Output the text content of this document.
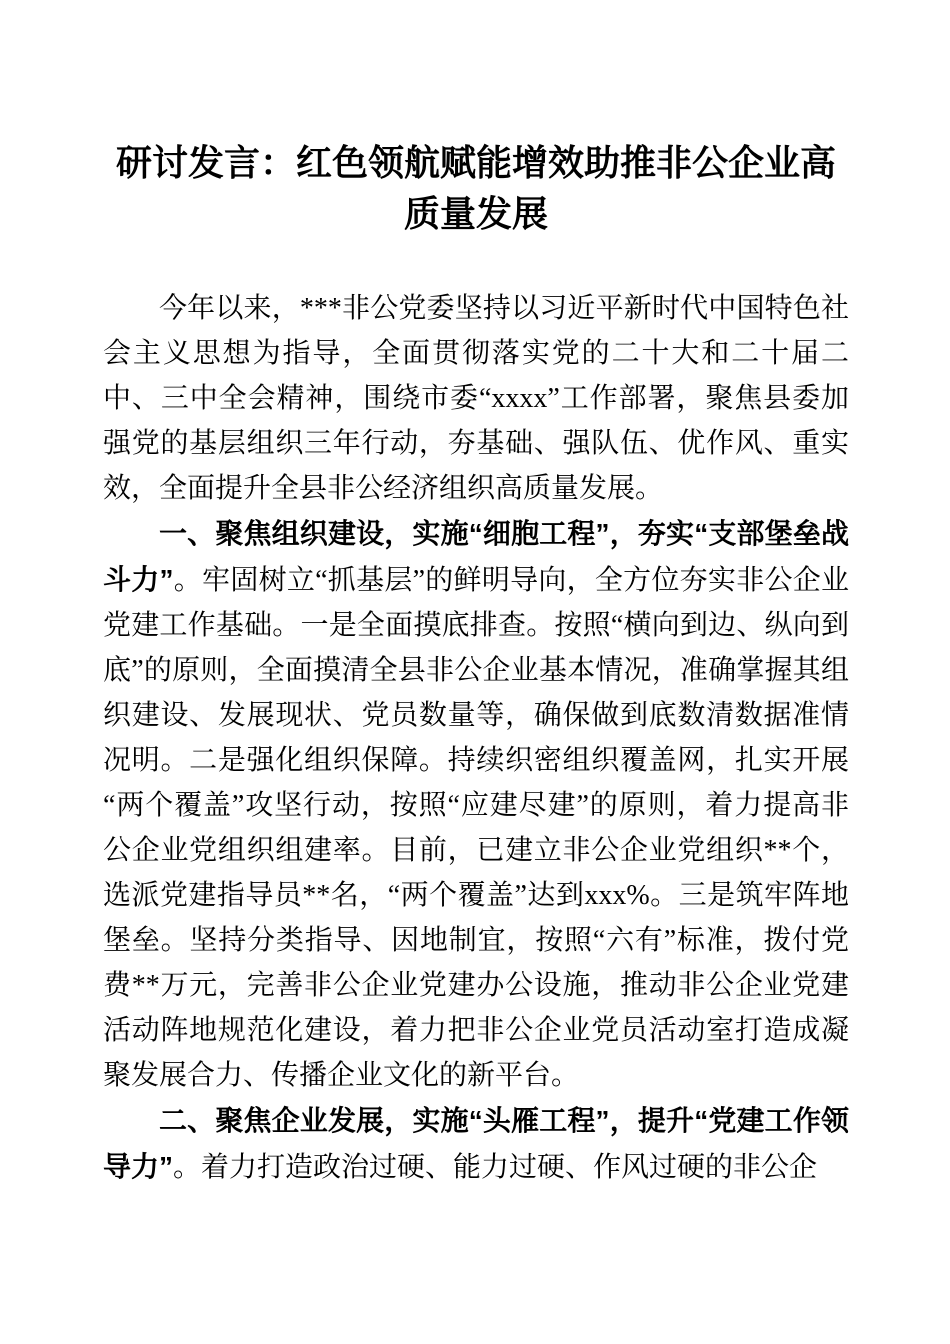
研讨发言：红色领航赋能增效助推非公企业高质量发展

今年以来，***非公党委坚持以习近平新时代中国特色社会主义思想为指导，全面贯彻落实党的二十大和二十届二中、三中全会精神，围绕市委“xxxx”工作部署，聚焦县委加强党的基层组织三年行动，夯基础、强队伍、优作风、重实效，全面提升全县非公经济组织高质量发展。

一、聚焦组织建设，实施“细胞工程”，夯实“支部堡垒战斗力”。牢固树立“抓基层”的鲜明导向，全方位夯实非公企业党建工作基础。一是全面摸底排查。按照“横向到边、纵向到底”的原则，全面摸清全县非公企业基本情况，准确掌握其组织建设、发展现状、党员数量等，确保做到底数清数据准情况明。二是强化组织保障。持续织密组织覆盖网，扎实开展“两个覆盖”攻坚行动，按照“应建尽建”的原则，着力提高非公企业党组织组建率。目前，已建立非公企业党组织**个，选派党建指导员**名，“两个覆盖”达到xxx%。三是筑牢阵地堡垒。坚持分类指导、因地制宜，按照“六有”标准，拨付党费**万元，完善非公企业党建办公设施，推动非公企业党建活动阵地规范化建设，着力把非公企业党员活动室打造成凝聚发展合力、传播企业文化的新平台。

二、聚焦企业发展，实施“头雁工程”，提升“党建工作领导力”。着力打造政治过硬、能力过硬、作风过硬的非公企
